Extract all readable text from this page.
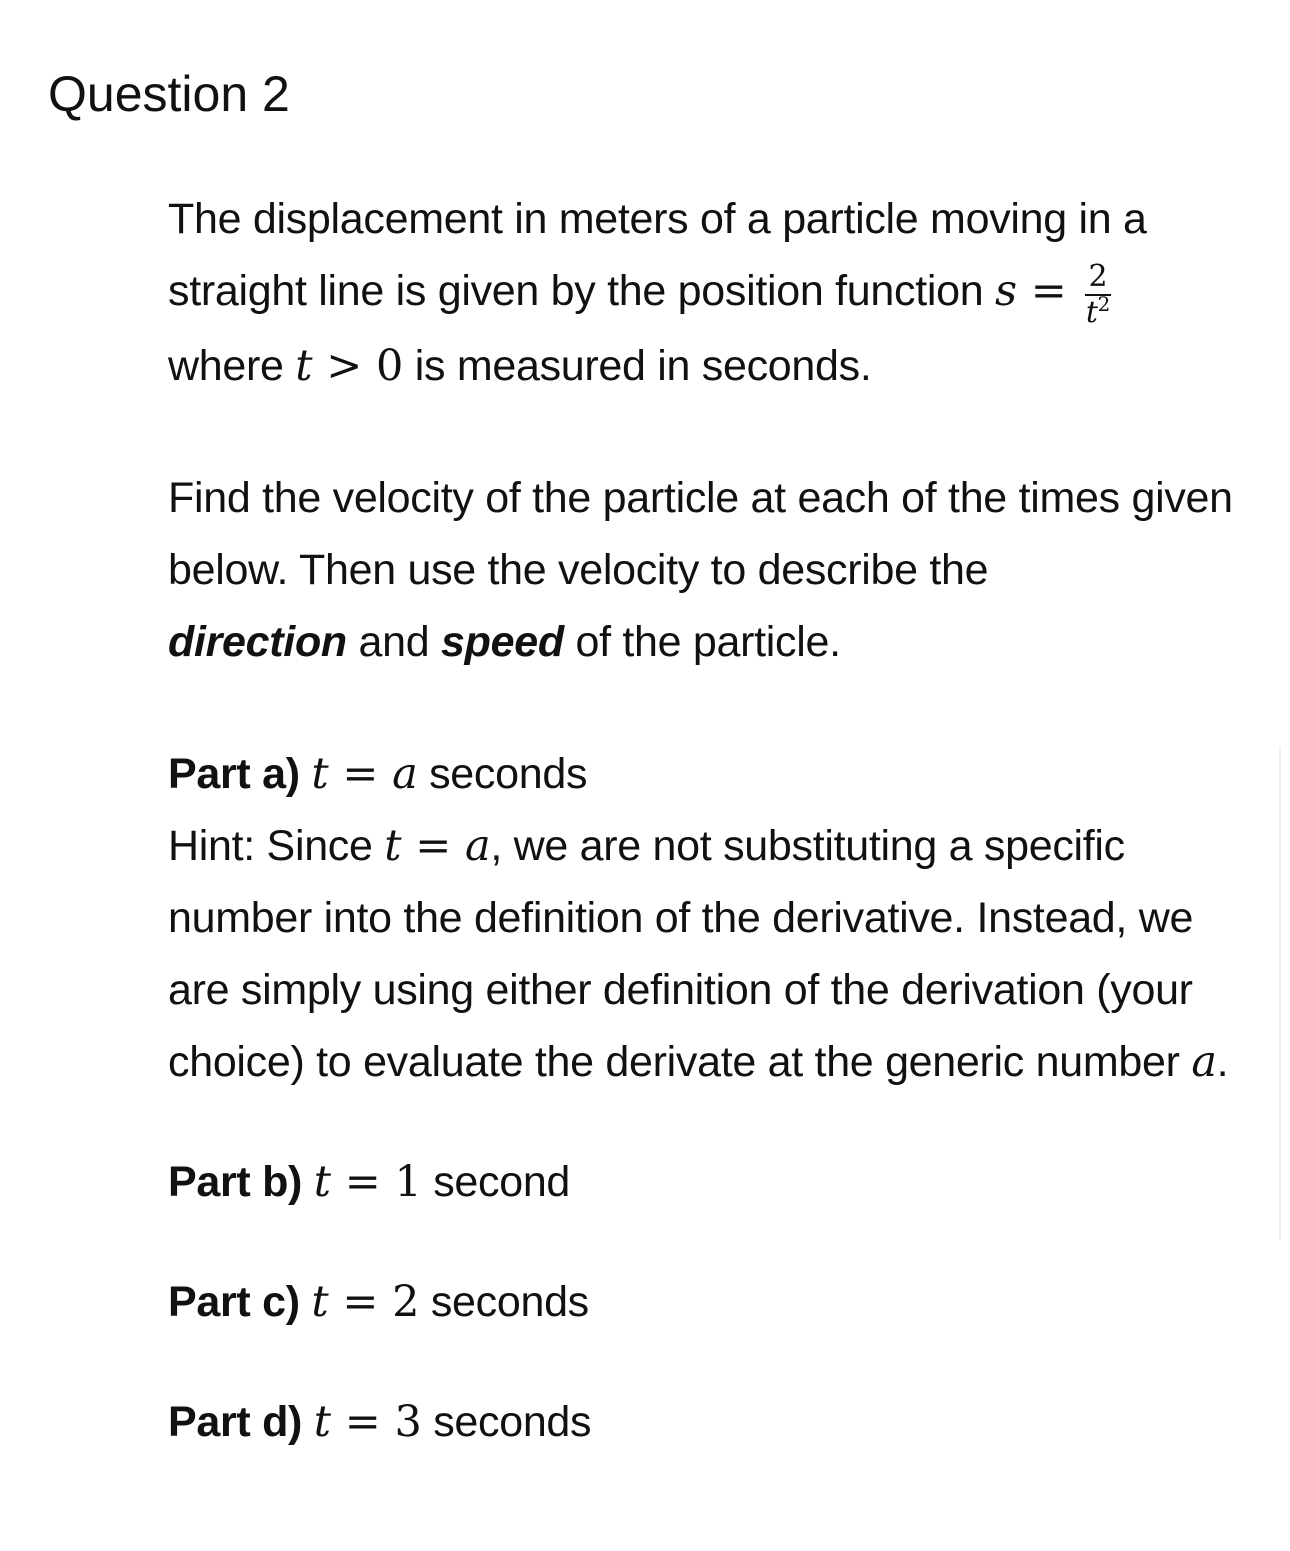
Question 2

The displacement in meters of a particle moving in a straight line is given by the position function $s = \frac{2}{t^2}$
where t > 0 is measured in seconds.

Find the velocity of the particle at each of the times given below. Then use the velocity to describe the
direction and speed of the particle.

Part a) t = a seconds

Hint: Since t = a, we are not substituting a specific number into the definition of the derivative. Instead, we are simply using either definition of the derivation (your choice) to evaluate the derivate at the generic number a.

Part b) t = 1 second

Part c) t = 2 seconds

Part d) t = 3 seconds
